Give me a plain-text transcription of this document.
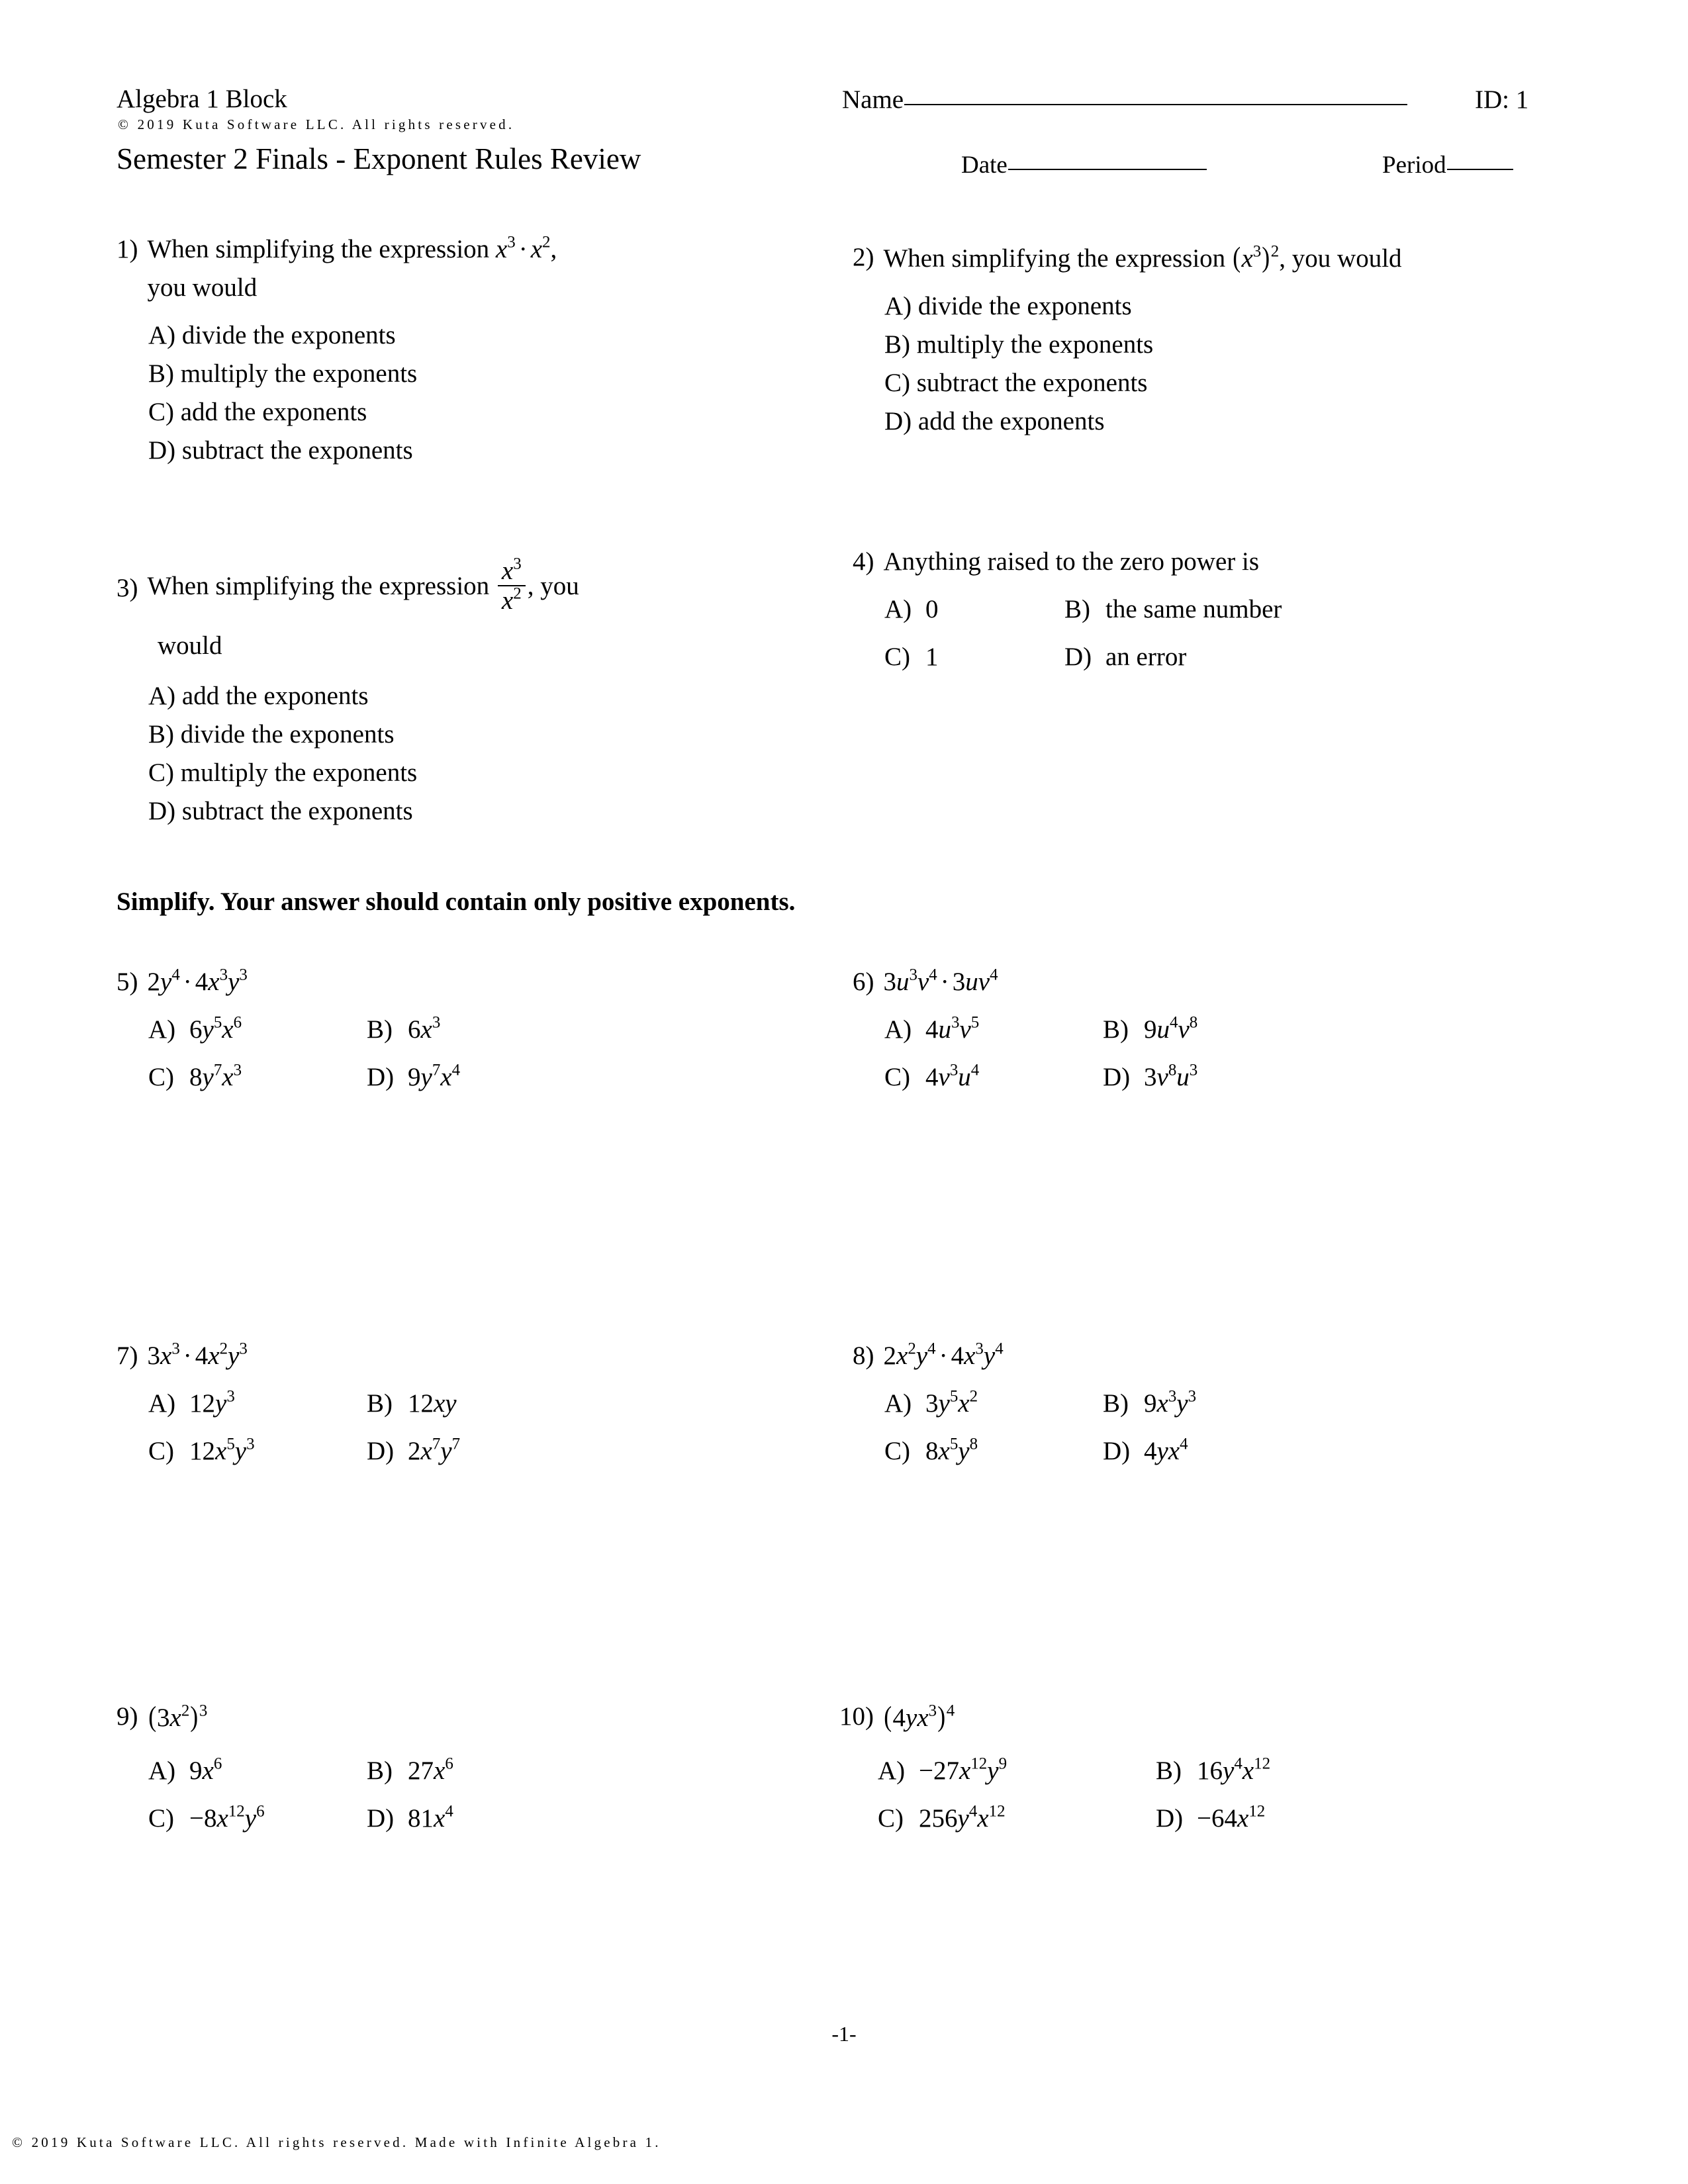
Algebra 1 Block
© 2019 Kuta Software LLC. All rights reserved.
Semester 2 Finals - Exponent Rules Review
Name	ID: 1
Date	Period
1) When simplifying the expression $x^3 \cdot x^2$,
you would
A) divide the exponents
B) multiply the exponents
C) add the exponents
D) subtract the exponents
2) When simplifying the expression $(x^3)^2$, you would
A) divide the exponents
B) multiply the exponents
C) subtract the exponents
D) add the exponents
3) When simplifying the expression $\frac{x^3}{x^2}$ , you
would
A) add the exponents
B) divide the exponents
C) multiply the exponents
D) subtract the exponents
4) Anything raised to the zero power is
A) 0	B) the same number
C) 1	D) an error
Simplify. Your answer should contain only positive exponents.
5) $2y^4 \cdot 4x^3y^3$
A) $6y^5x^6$	B) $6x^3$
C) $8y^7x^3$	D) $9y^7x^4$
6) $3u^3v^4 \cdot 3uv^4$
A) $4u^3v^5$	B) $9u^4v^8$
C) $4v^3u^4$	D) $3v^8u^3$
7) $3x^3 \cdot 4x^2y^3$
A) $12y^3$	B) 12xy
C) $12x^5y^3$	D) $2x^7y^7$
8) $2x^2y^4 \cdot 4x^3y^4$
A) $3y^5x^2$	B) $9x^3y^3$
C) $8x^5y^8$	D) $4yx^4$
9) $(3x^2)^3$
A) $9x^6$	B) $27x^6$
$C) -8x^{12}y^6$	D) $81x^4$
10) $(4yx^3)^4$
$A) -27x^{12}y^9$	B) $16y^4x^{12}$
C) $256y^4x^{12}$	$D) -64x^{12}$
-1-
© 2019 Kuta Software LLC. All rights reserved. Made with Infinite Algebra 1.
